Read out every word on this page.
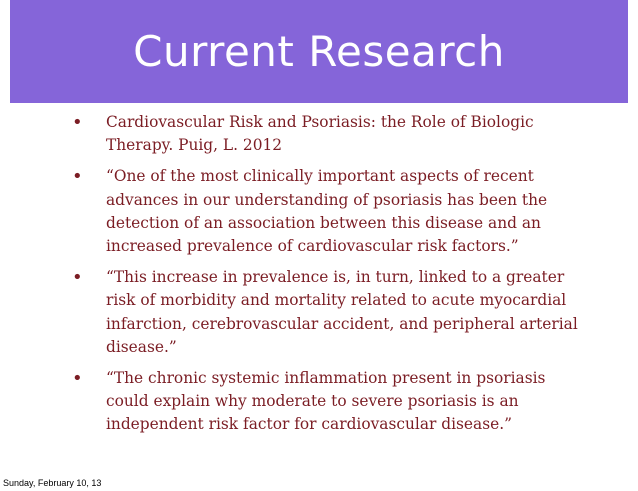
Current Research
• Cardiovascular Risk and Psoriasis: the Role of Biologic Therapy. Puig, L. 2012
• “One of the most clinically important aspects of recent advances in our understanding of psoriasis has been the detection of an association between this disease and an increased prevalence of cardiovascular risk factors.”
• “This increase in prevalence is, in turn, linked to a greater risk of morbidity and mortality related to acute myocardial infarction, cerebrovascular accident, and peripheral arterial disease.”
• “The chronic systemic inflammation present in psoriasis could explain why moderate to severe psoriasis is an independent risk factor for cardiovascular disease.”
Sunday, February 10, 13
